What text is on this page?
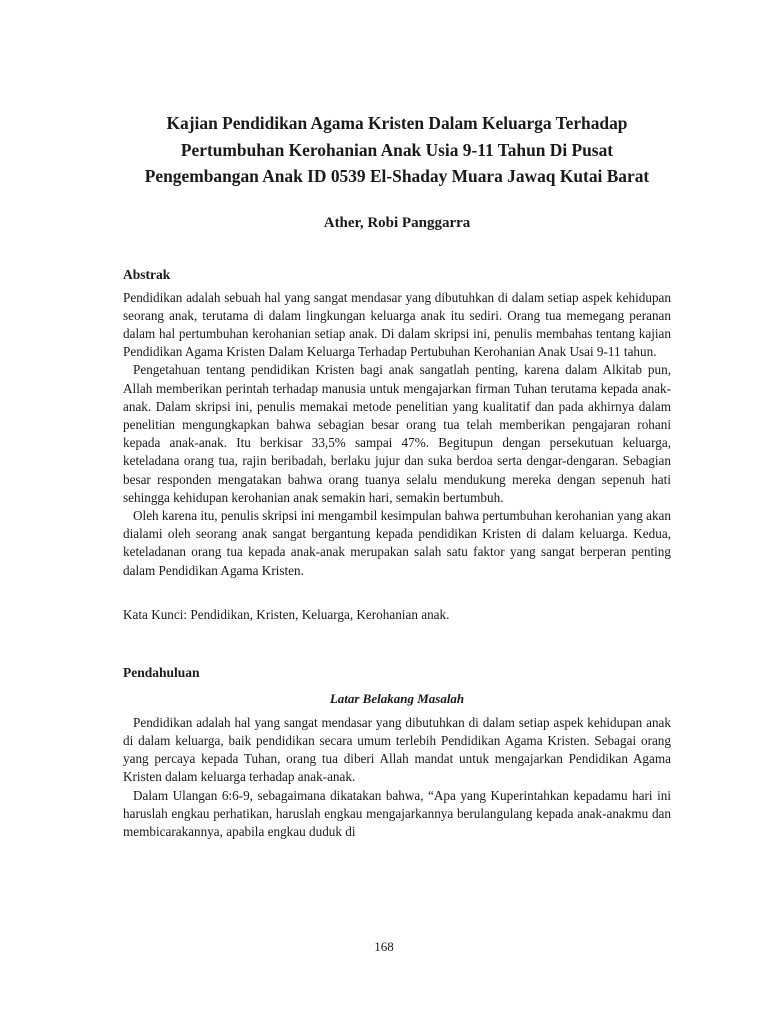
Kajian Pendidikan Agama Kristen Dalam Keluarga Terhadap Pertumbuhan Kerohanian Anak Usia 9-11 Tahun Di Pusat Pengembangan Anak ID 0539 El-Shaday Muara Jawaq Kutai Barat

Ather, Robi Panggarra

Abstrak

Pendidikan adalah sebuah hal yang sangat mendasar yang dibutuhkan di dalam setiap aspek kehidupan seorang anak, terutama di dalam lingkungan keluarga anak itu sediri. Orang tua memegang peranan dalam hal pertumbuhan kerohanian setiap anak. Di dalam skripsi ini, penulis membahas tentang kajian Pendidikan Agama Kristen Dalam Keluarga Terhadap Pertubuhan Kerohanian Anak Usai 9-11 tahun.

Pengetahuan tentang pendidikan Kristen bagi anak sangatlah penting, karena dalam Alkitab pun, Allah memberikan perintah terhadap manusia untuk mengajarkan firman Tuhan terutama kepada anak-anak. Dalam skripsi ini, penulis memakai metode penelitian yang kualitatif dan pada akhirnya dalam penelitian mengungkapkan bahwa sebagian besar orang tua telah memberikan pengajaran rohani kepada anak-anak. Itu berkisar 33,5% sampai 47%. Begitupun dengan persekutuan keluarga, keteladana orang tua, rajin beribadah, berlaku jujur dan suka berdoa serta dengar-dengaran. Sebagian besar responden mengatakan bahwa orang tuanya selalu mendukung mereka dengan sepenuh hati sehingga kehidupan kerohanian anak semakin hari, semakin bertumbuh.

Oleh karena itu, penulis skripsi ini mengambil kesimpulan bahwa pertumbuhan kerohanian yang akan dialami oleh seorang anak sangat bergantung kepada pendidikan Kristen di dalam keluarga. Kedua, keteladanan orang tua kepada anak-anak merupakan salah satu faktor yang sangat berperan penting dalam Pendidikan Agama Kristen.

Kata Kunci: Pendidikan, Kristen, Keluarga, Kerohanian anak.

Pendahuluan
Latar Belakang Masalah

Pendidikan adalah hal yang sangat mendasar yang dibutuhkan di dalam setiap aspek kehidupan anak di dalam keluarga, baik pendidikan secara umum terlebih Pendidikan Agama Kristen. Sebagai orang yang percaya kepada Tuhan, orang tua diberi Allah mandat untuk mengajarkan Pendidikan Agama Kristen dalam keluarga terhadap anak-anak.

Dalam Ulangan 6:6-9, sebagaimana dikatakan bahwa, “Apa yang Kuperintahkan kepadamu hari ini haruslah engkau perhatikan, haruslah engkau mengajarkannya berulangulang kepada anak-anakmu dan membicarakannya, apabila engkau duduk di

168
